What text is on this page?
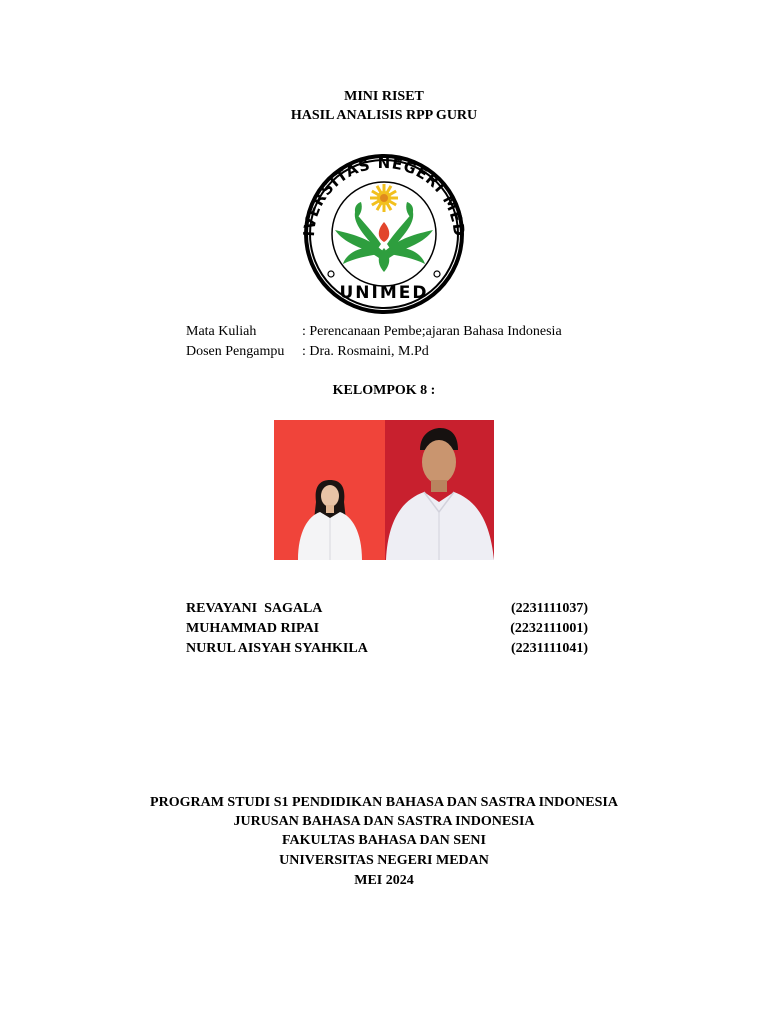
MINI RISET
HASIL ANALISIS RPP GURU
IVERSITAS NEGERI MED
UNIMED
Mata Kuliah	: Perencanaan Pembe;ajaran Bahasa Indonesia
Dosen Pengampu : Dra. Rosmaini, M.Pd
KELOMPOK 8 :
REVAYANI  SAGALA	(2231111037)
MUHAMMAD RIPAI	(2232111001)
NURUL AISYAH SYAHKILA	(2231111041)
PROGRAM STUDI S1 PENDIDIKAN BAHASA DAN SASTRA INDONESIA
JURUSAN BAHASA DAN SASTRA INDONESIA
FAKULTAS BAHASA DAN SENI
UNIVERSITAS NEGERI MEDAN
MEI 2024
